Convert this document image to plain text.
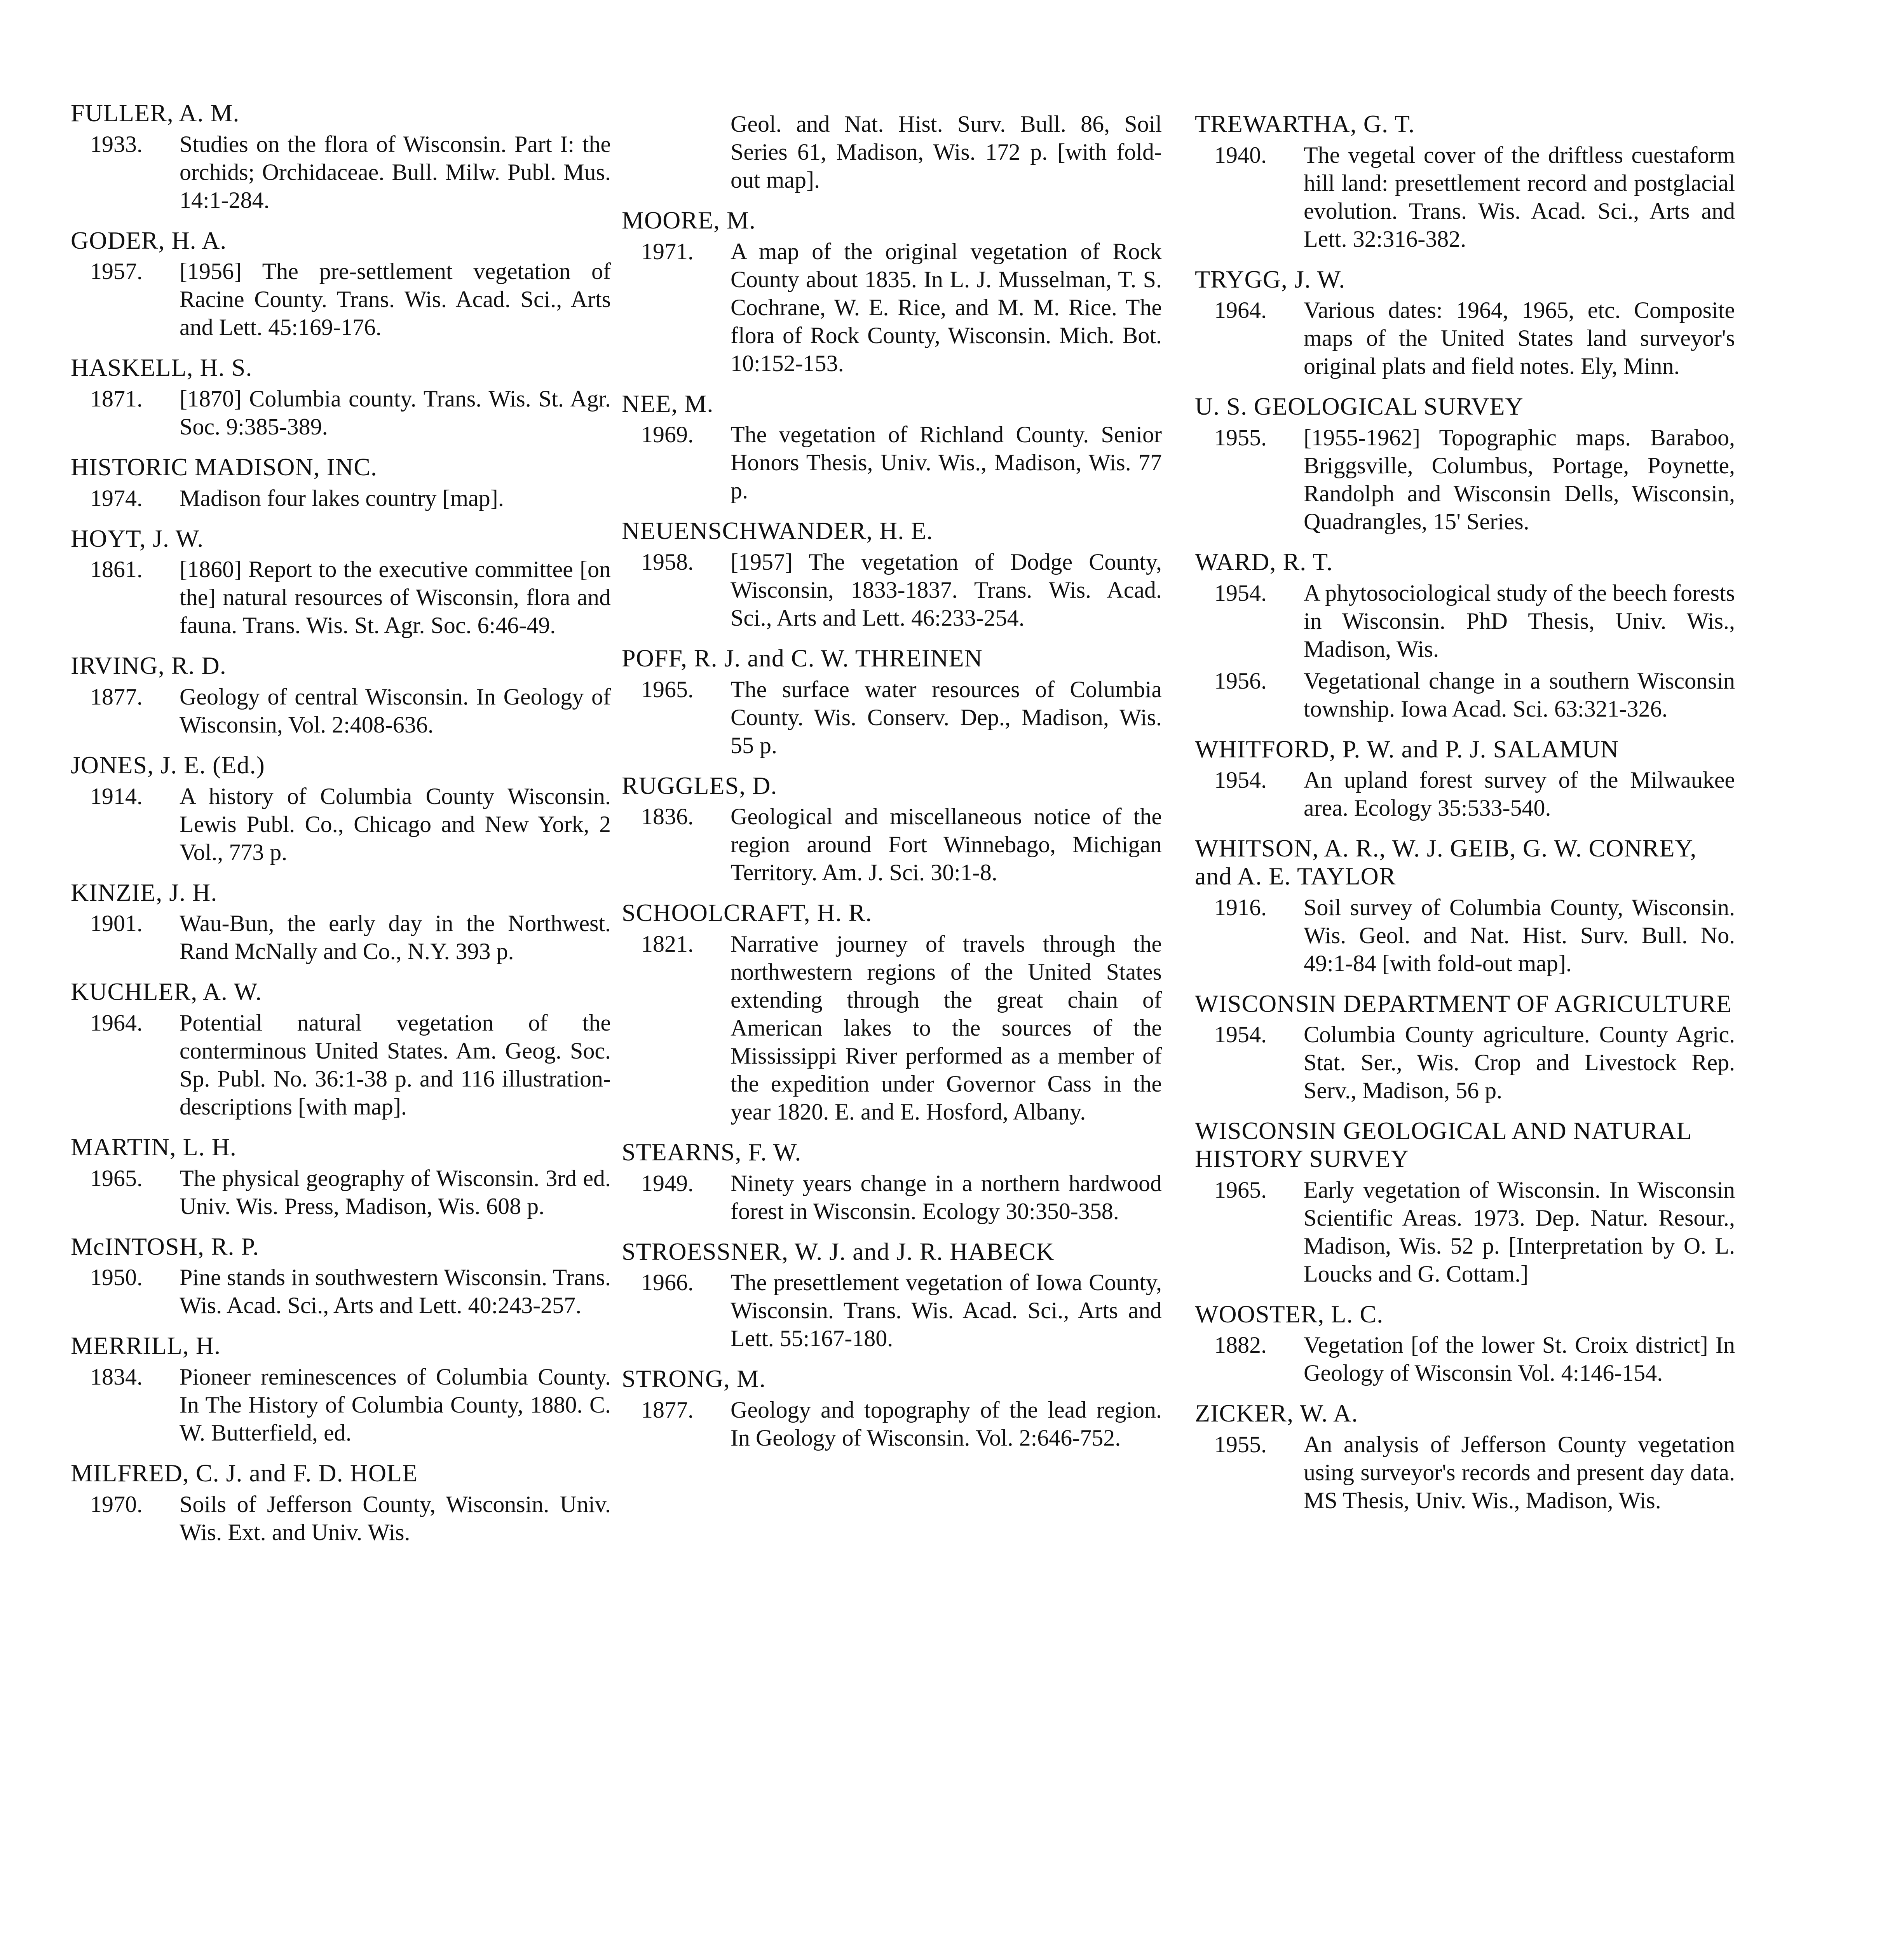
FULLER, A. M.
1933. Studies on the flora of Wisconsin. Part I: the orchids; Orchidaceae. Bull. Milw. Publ. Mus. 14:1-284.
GODER, H. A.
1957. [1956] The pre-settlement vegetation of Racine County. Trans. Wis. Acad. Sci., Arts and Lett. 45:169-176.
HASKELL, H. S.
1871. [1870] Columbia county. Trans. Wis. St. Agr. Soc. 9:385-389.
HISTORIC MADISON, INC.
1974. Madison four lakes country [map].
HOYT, J. W.
1861. [1860] Report to the executive committee [on the] natural resources of Wisconsin, flora and fauna. Trans. Wis. St. Agr. Soc. 6:46-49.
IRVING, R. D.
1877. Geology of central Wisconsin. In Geology of Wisconsin, Vol. 2:408-636.
JONES, J. E. (Ed.)
1914. A history of Columbia County Wisconsin. Lewis Publ. Co., Chicago and New York, 2 Vol., 773 p.
KINZIE, J. H.
1901. Wau-Bun, the early day in the Northwest. Rand McNally and Co., N.Y. 393 p.
KUCHLER, A. W.
1964. Potential natural vegetation of the conterminous United States. Am. Geog. Soc. Sp. Publ. No. 36:1-38 p. and 116 illustration-descriptions [with map].
MARTIN, L. H.
1965. The physical geography of Wisconsin. 3rd ed. Univ. Wis. Press, Madison, Wis. 608 p.
McINTOSH, R. P.
1950. Pine stands in southwestern Wisconsin. Trans. Wis. Acad. Sci., Arts and Lett. 40:243-257.
MERRILL, H.
1834. Pioneer reminescences of Columbia County. In The History of Columbia County, 1880. C. W. Butterfield, ed.
MILFRED, C. J. and F. D. HOLE
1970. Soils of Jefferson County, Wisconsin. Univ. Wis. Ext. and Univ. Wis.
Geol. and Nat. Hist. Surv. Bull. 86, Soil Series 61, Madison, Wis. 172 p. [with fold-out map].
MOORE, M.
1971. A map of the original vegetation of Rock County about 1835. In L. J. Musselman, T. S. Cochrane, W. E. Rice, and M. M. Rice. The flora of Rock County, Wisconsin. Mich. Bot. 10:152-153.
NEE, M.
1969. The vegetation of Richland County. Senior Honors Thesis, Univ. Wis., Madison, Wis. 77 p.
NEUENSCHWANDER, H. E.
1958. [1957] The vegetation of Dodge County, Wisconsin, 1833-1837. Trans. Wis. Acad. Sci., Arts and Lett. 46:233-254.
POFF, R. J. and C. W. THREINEN
1965. The surface water resources of Columbia County. Wis. Conserv. Dep., Madison, Wis. 55 p.
RUGGLES, D.
1836. Geological and miscellaneous notice of the region around Fort Winnebago, Michigan Territory. Am. J. Sci. 30:1-8.
SCHOOLCRAFT, H. R.
1821. Narrative journey of travels through the northwestern regions of the United States extending through the great chain of American lakes to the sources of the Mississippi River performed as a member of the expedition under Governor Cass in the year 1820. E. and E. Hosford, Albany.
STEARNS, F. W.
1949. Ninety years change in a northern hardwood forest in Wisconsin. Ecology 30:350-358.
STROESSNER, W. J. and J. R. HABECK
1966. The presettlement vegetation of Iowa County, Wisconsin. Trans. Wis. Acad. Sci., Arts and Lett. 55:167-180.
STRONG, M.
1877. Geology and topography of the lead region. In Geology of Wisconsin. Vol. 2:646-752.
TREWARTHA, G. T.
1940. The vegetal cover of the driftless cuestaform hill land: presettlement record and postglacial evolution. Trans. Wis. Acad. Sci., Arts and Lett. 32:316-382.
TRYGG, J. W.
1964. Various dates: 1964, 1965, etc. Composite maps of the United States land surveyor's original plats and field notes. Ely, Minn.
U. S. GEOLOGICAL SURVEY
1955. [1955-1962] Topographic maps. Baraboo, Briggsville, Columbus, Portage, Poynette, Randolph and Wisconsin Dells, Wisconsin, Quadrangles, 15' Series.
WARD, R. T.
1954. A phytosociological study of the beech forests in Wisconsin. PhD Thesis, Univ. Wis., Madison, Wis.
1956. Vegetational change in a southern Wisconsin township. Iowa Acad. Sci. 63:321-326.
WHITFORD, P. W. and P. J. SALAMUN
1954. An upland forest survey of the Milwaukee area. Ecology 35:533-540.
WHITSON, A. R., W. J. GEIB, G. W. CONREY, and A. E. TAYLOR
1916. Soil survey of Columbia County, Wisconsin. Wis. Geol. and Nat. Hist. Surv. Bull. No. 49:1-84 [with fold-out map].
WISCONSIN DEPARTMENT OF AGRICULTURE
1954. Columbia County agriculture. County Agric. Stat. Ser., Wis. Crop and Livestock Rep. Serv., Madison, 56 p.
WISCONSIN GEOLOGICAL AND NATURAL HISTORY SURVEY
1965. Early vegetation of Wisconsin. In Wisconsin Scientific Areas. 1973. Dep. Natur. Resour., Madison, Wis. 52 p. [Interpretation by O. L. Loucks and G. Cottam.]
WOOSTER, L. C.
1882. Vegetation [of the lower St. Croix district] In Geology of Wisconsin Vol. 4:146-154.
ZICKER, W. A.
1955. An analysis of Jefferson County vegetation using surveyor's records and present day data. MS Thesis, Univ. Wis., Madison, Wis.
